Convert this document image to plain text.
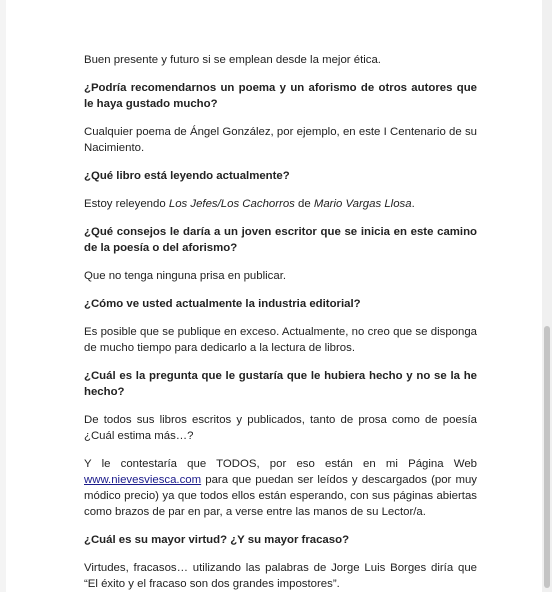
Buen presente y futuro si se emplean desde la mejor ética.

¿Podría recomendarnos un poema y un aforismo de otros autores que le haya gustado mucho?

Cualquier poema de Ángel González, por ejemplo, en este I Centenario de su Nacimiento.

¿Qué libro está leyendo actualmente?

Estoy releyendo Los Jefes/Los Cachorros de Mario Vargas Llosa.

¿Qué consejos le daría a un joven escritor que se inicia en este camino de la poesía o del aforismo?

Que no tenga ninguna prisa en publicar.

¿Cómo ve usted actualmente la industria editorial?

Es posible que se publique en exceso. Actualmente, no creo que se disponga de mucho tiempo para dedicarlo a la lectura de libros.

¿Cuál es la pregunta que le gustaría que le hubiera hecho y no se la he hecho?

De todos sus libros escritos y publicados, tanto de prosa como de poesía ¿Cuál estima más…?

Y le contestaría que TODOS, por eso están en mi Página Web www.nievesviesca.com para que puedan ser leídos y descargados (por muy módico precio) ya que todos ellos están esperando, con sus páginas abiertas como brazos de par en par, a verse entre las manos de su Lector/a.

¿Cuál es su mayor virtud? ¿Y su mayor fracaso?

Virtudes, fracasos… utilizando las palabras de Jorge Luis Borges diría que “El éxito y el fracaso son dos grandes impostores”.
